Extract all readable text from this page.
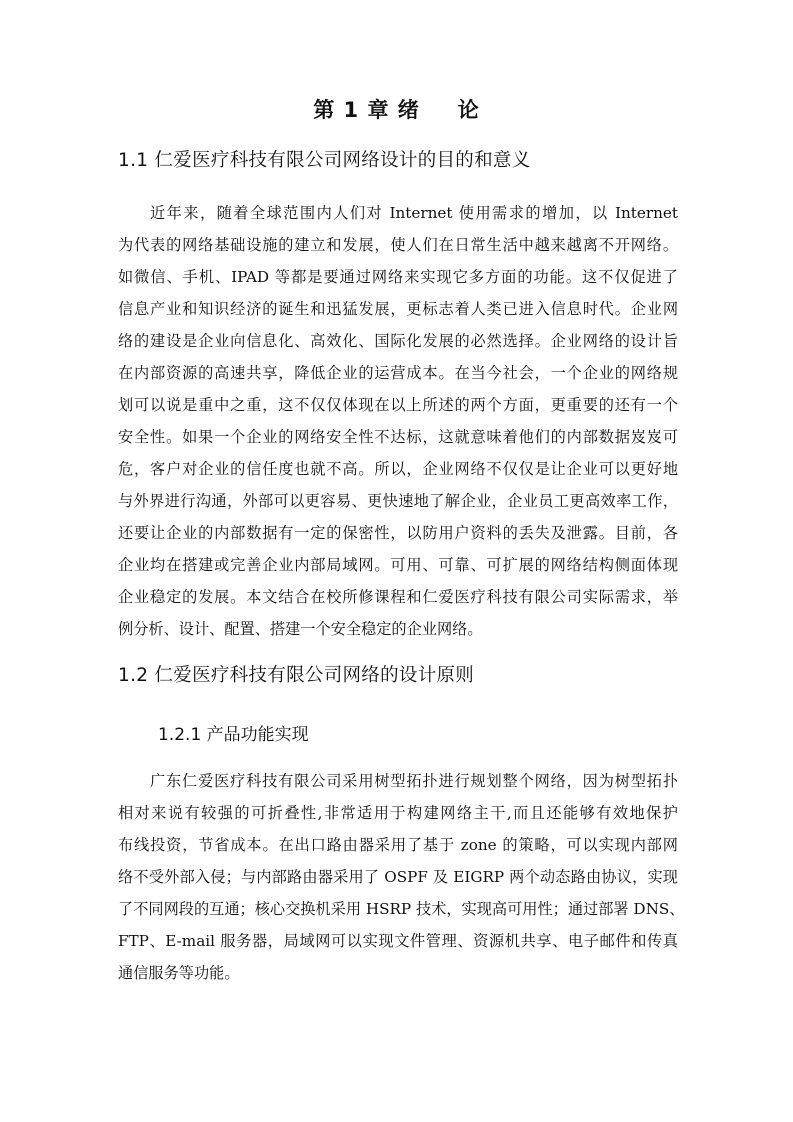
第 1 章 绪 论
1.1 仁爱医疗科技有限公司网络设计的目的和意义
近年来，随着全球范围内人们对 Internet 使用需求的增加，以 Internet
为代表的网络基础设施的建立和发展，使人们在日常生活中越来越离不开网络。
如微信、手机、IPAD 等都是要通过网络来实现它多方面的功能。这不仅促进了
信息产业和知识经济的诞生和迅猛发展，更标志着人类已进入信息时代。企业网
络的建设是企业向信息化、高效化、国际化发展的必然选择。企业网络的设计旨
在内部资源的高速共享，降低企业的运营成本。在当今社会，一个企业的网络规
划可以说是重中之重，这不仅仅体现在以上所述的两个方面，更重要的还有一个
安全性。如果一个企业的网络安全性不达标，这就意味着他们的内部数据岌岌可
危，客户对企业的信任度也就不高。所以，企业网络不仅仅是让企业可以更好地
与外界进行沟通，外部可以更容易、更快速地了解企业，企业员工更高效率工作，
还要让企业的内部数据有一定的保密性，以防用户资料的丢失及泄露。目前，各
企业均在搭建或完善企业内部局域网。可用、可靠、可扩展的网络结构侧面体现
企业稳定的发展。本文结合在校所修课程和仁爱医疗科技有限公司实际需求，举
例分析、设计、配置、搭建一个安全稳定的企业网络。
1.2 仁爱医疗科技有限公司网络的设计原则
1.2.1 产品功能实现
广东仁爱医疗科技有限公司采用树型拓扑进行规划整个网络，因为树型拓扑
相对来说有较强的可折叠性,非常适用于构建网络主干,而且还能够有效地保护
布线投资，节省成本。在出口路由器采用了基于 zone 的策略，可以实现内部网
络不受外部入侵；与内部路由器采用了 OSPF 及 EIGRP 两个动态路由协议，实现
了不同网段的互通；核心交换机采用 HSRP 技术，实现高可用性；通过部署 DNS、
FTP、E-mail 服务器，局域网可以实现文件管理、资源机共享、电子邮件和传真
通信服务等功能。
